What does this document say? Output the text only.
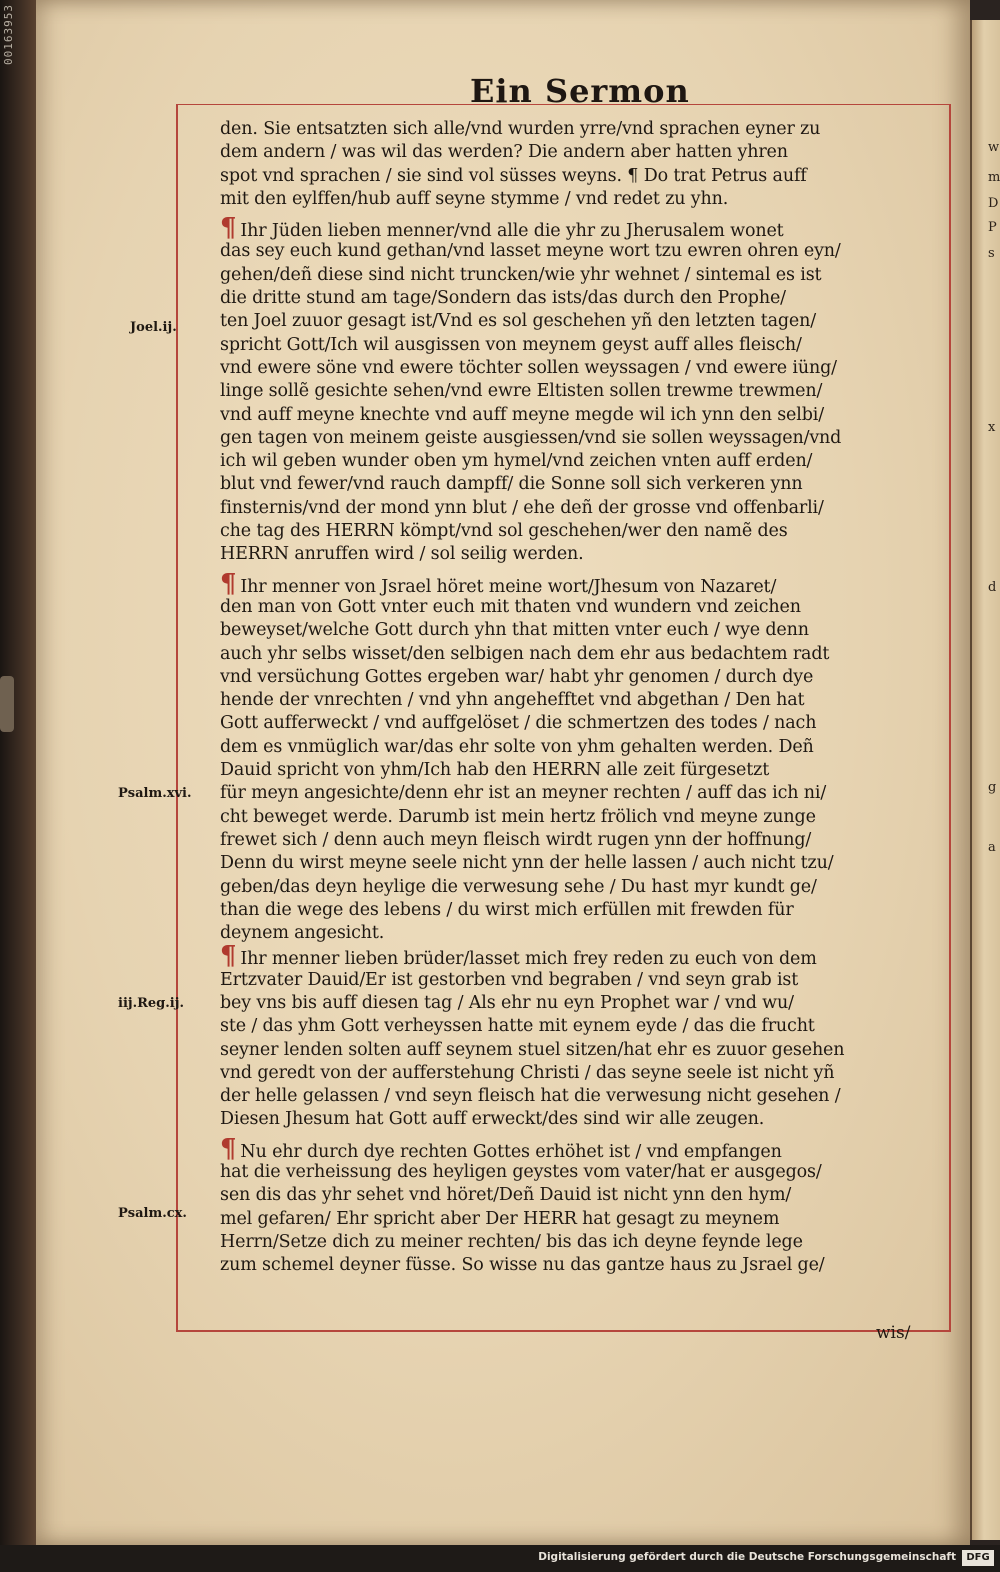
00163953
w
m
D
P
s
x
d
g
a
Ein Sermon
Joel.ij.
Psalm.xvi.
iij.Reg.ij.
Psalm.cx.
den. Sie entsatzten sich alle/vnd wurden yrre/vnd sprachen eyner zu
dem andern / was wil das werden? Die andern aber hatten yhren
spot vnd sprachen / sie sind vol süsses weyns. ¶ Do trat Petrus auff
mit den eylffen/hub auff seyne stymme / vnd redet zu yhn.
¶ Ihr Jüden lieben menner/vnd alle die yhr zu Jherusalem wonet
das sey euch kund gethan/vnd lasset meyne wort tzu ewren ohren eyn/
gehen/deñ diese sind nicht truncken/wie yhr wehnet / sintemal es ist
die dritte stund am tage/Sondern das ists/das durch den Prophe/
ten Joel zuuor gesagt ist/Vnd es sol geschehen yñ den letzten tagen/
spricht Gott/Ich wil ausgissen von meynem geyst auff alles fleisch/
vnd ewere söne vnd ewere töchter sollen weyssagen / vnd ewere iüng/
linge sollẽ gesichte sehen/vnd ewre Eltisten sollen trewme trewmen/
vnd auff meyne knechte vnd auff meyne megde wil ich ynn den selbi/
gen tagen von meinem geiste ausgiessen/vnd sie sollen weyssagen/vnd
ich wil geben wunder oben ym hymel/vnd zeichen vnten auff erden/
blut vnd fewer/vnd rauch dampff/ die Sonne soll sich verkeren ynn
finsternis/vnd der mond ynn blut / ehe deñ der grosse vnd offenbarli/
che tag des HERRN kömpt/vnd sol geschehen/wer den namẽ des
HERRN anruffen wird / sol seilig werden.
¶ Ihr menner von Jsrael höret meine wort/Jhesum von Nazaret/
den man von Gott vnter euch mit thaten vnd wundern vnd zeichen
beweyset/welche Gott durch yhn that mitten vnter euch / wye denn
auch yhr selbs wisset/den selbigen nach dem ehr aus bedachtem radt
vnd versüchung Gottes ergeben war/ habt yhr genomen / durch dye
hende der vnrechten / vnd yhn angehefftet vnd abgethan / Den hat
Gott aufferweckt / vnd auffgelöset / die schmertzen des todes / nach
dem es vnmüglich war/das ehr solte von yhm gehalten werden. Deñ
Dauid spricht von yhm/Ich hab den HERRN alle zeit fürgesetzt
für meyn angesichte/denn ehr ist an meyner rechten / auff das ich ni/
cht beweget werde. Darumb ist mein hertz frölich vnd meyne zunge
frewet sich / denn auch meyn fleisch wirdt rugen ynn der hoffnung/
Denn du wirst meyne seele nicht ynn der helle lassen / auch nicht tzu/
geben/das deyn heylige die verwesung sehe / Du hast myr kundt ge/
than die wege des lebens / du wirst mich erfüllen mit frewden für
deynem angesicht.
¶ Ihr menner lieben brüder/lasset mich frey reden zu euch von dem
Ertzvater Dauid/Er ist gestorben vnd begraben / vnd seyn grab ist
bey vns bis auff diesen tag / Als ehr nu eyn Prophet war / vnd wu/
ste / das yhm Gott verheyssen hatte mit eynem eyde / das die frucht
seyner lenden solten auff seynem stuel sitzen/hat ehr es zuuor gesehen
vnd geredt von der aufferstehung Christi / das seyne seele ist nicht yñ
der helle gelassen / vnd seyn fleisch hat die verwesung nicht gesehen /
Diesen Jhesum hat Gott auff erweckt/des sind wir alle zeugen.
¶ Nu ehr durch dye rechten Gottes erhöhet ist / vnd empfangen
hat die verheissung des heyligen geystes vom vater/hat er ausgegos/
sen dis das yhr sehet vnd höret/Deñ Dauid ist nicht ynn den hym/
mel gefaren/ Ehr spricht aber Der HERR hat gesagt zu meynem
Herrn/Setze dich zu meiner rechten/ bis das ich deyne feynde lege
zum schemel deyner füsse. So wisse nu das gantze haus zu Jsrael ge/
wis/
Digitalisierung gefördert durch die Deutsche Forschungsgemeinschaft	DFG
